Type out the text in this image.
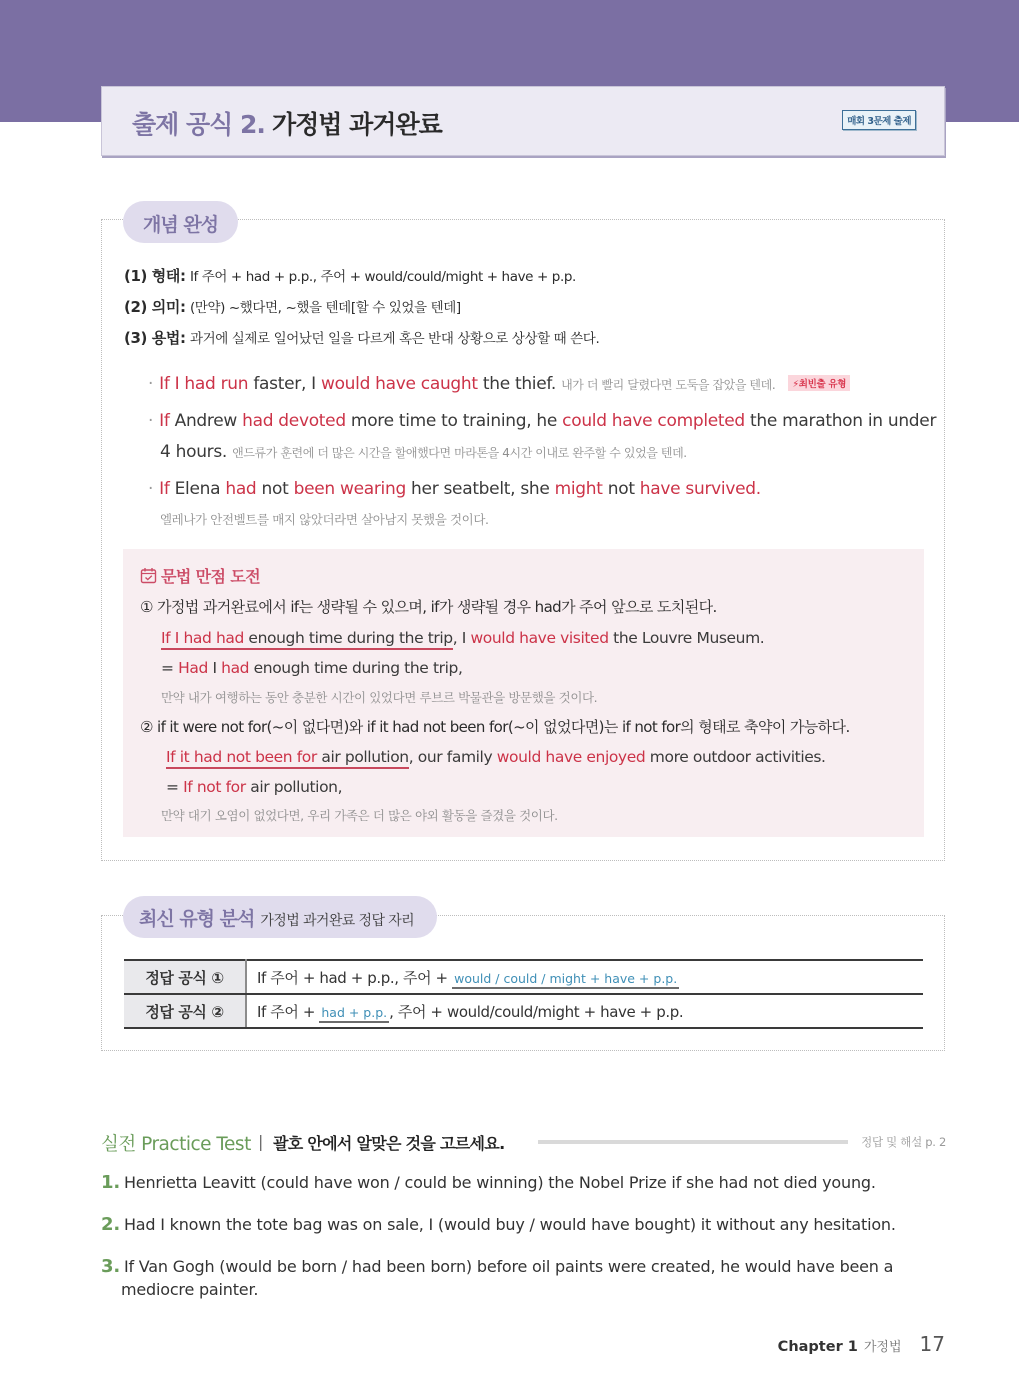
출제 공식 2. 가정법 과거완료	매회 3문제 출제
개념 완성
(1) 형태: If 주어 + had + p.p., 주어 + would/could/might + have + p.p.
(2) 의미: (만약) ~했다면, ~했을 텐데[할 수 있었을 텐데]
(3) 용법: 과거에 실제로 일어났던 일을 다르게 혹은 반대 상황으로 상상할 때 쓴다.
· If I had run faster, I would have caught the thief. 내가 더 빨리 달렸다면 도둑을 잡았을 텐데. ⚡최빈출 유형
· If Andrew had devoted more time to training, he could have completed the marathon in under
4 hours. 앤드류가 훈련에 더 많은 시간을 할애했다면 마라톤을 4시간 이내로 완주할 수 있었을 텐데.
· If Elena had not been wearing her seatbelt, she might not have survived.
엘레나가 안전벨트를 매지 않았더라면 살아남지 못했을 것이다.
문법 만점 도전
① 가정법 과거완료에서 if는 생략될 수 있으며, if가 생략될 경우 had가 주어 앞으로 도치된다.
If I had had enough time during the trip, I would have visited the Louvre Museum.
= Had I had enough time during the trip,
만약 내가 여행하는 동안 충분한 시간이 있었다면 루브르 박물관을 방문했을 것이다.
② if it were not for(~이 없다면)와 if it had not been for(~이 없었다면)는 if not for의 형태로 축약이 가능하다.
If it had not been for air pollution, our family would have enjoyed more outdoor activities.
= If not for air pollution,
만약 대기 오염이 없었다면, 우리 가족은 더 많은 야외 활동을 즐겼을 것이다.
최신 유형 분석 가정법 과거완료 정답 자리
정답 공식 ①	If 주어 + had + p.p., 주어 + would / could / might + have + p.p.
정답 공식 ②	If 주어 + had + p.p. , 주어 + would/could/might + have + p.p.
실전 Practice Test | 괄호 안에서 알맞은 것을 고르세요.	정답 및 해설 p. 2
1. Henrietta Leavitt (could have won / could be winning) the Nobel Prize if she had not died young.
2. Had I known the tote bag was on sale, I (would buy / would have bought) it without any hesitation.
3. If Van Gogh (would be born / had been born) before oil paints were created, he would have been a
mediocre painter.
Chapter 1 가정법 17
